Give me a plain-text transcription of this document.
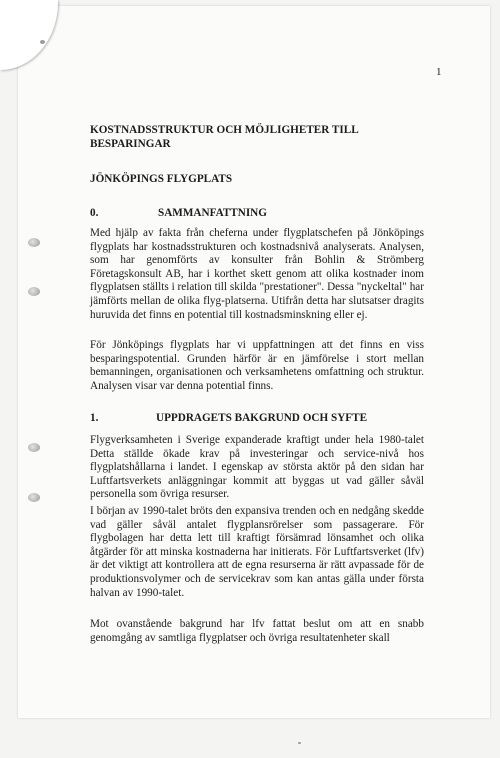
1

KOSTNADSSTRUKTUR OCH MÖJLIGHETER TILL

BESPARINGAR

JÖNKÖPINGS FLYGPLATS

0.	SAMMANFATTNING

Med hjälp av fakta från cheferna under flygplatschefen på Jönköpings flygplats har kostnadsstrukturen och kostnadsnivå analyserats. Analysen, som har genomförts av konsulter från Bohlin & Strömberg Företagskonsult AB, har i korthet skett genom att olika kostnader inom flygplatsen ställts i relation till skilda "prestationer". Dessa "nyckeltal" har jämförts mellan de olika flyg-platserna. Utifrån detta har slutsatser dragits huruvida det finns en potential till kostnadsminskning eller ej.

För Jönköpings flygplats har vi uppfattningen att det finns en viss besparingspotential. Grunden härför är en jämförelse i stort mellan bemanningen, organisationen och verksamhetens omfattning och struktur. Analysen visar var denna potential finns.

1.	UPPDRAGETS BAKGRUND OCH SYFTE

Flygverksamheten i Sverige expanderade kraftigt under hela 1980-talet Detta ställde ökade krav på investeringar och service-nivå hos flygplatshållarna i landet. I egenskap av största aktör på den sidan har Luftfartsverkets anläggningar kommit att byggas ut vad gäller såväl personella som övriga resurser.

I början av 1990-talet bröts den expansiva trenden och en nedgång skedde vad gäller såväl antalet flygplansrörelser som passagerare. För flygbolagen har detta lett till kraftigt försämrad lönsamhet och olika åtgärder för att minska kostnaderna har initierats. För Luftfartsverket (lfv) är det viktigt att kontrollera att de egna resurserna är rätt avpassade för de produktionsvolymer och de servicekrav som kan antas gälla under första halvan av 1990-talet.

Mot ovanstående bakgrund har lfv fattat beslut om att en snabb genomgång av samtliga flygplatser och övriga resultatenheter skall
